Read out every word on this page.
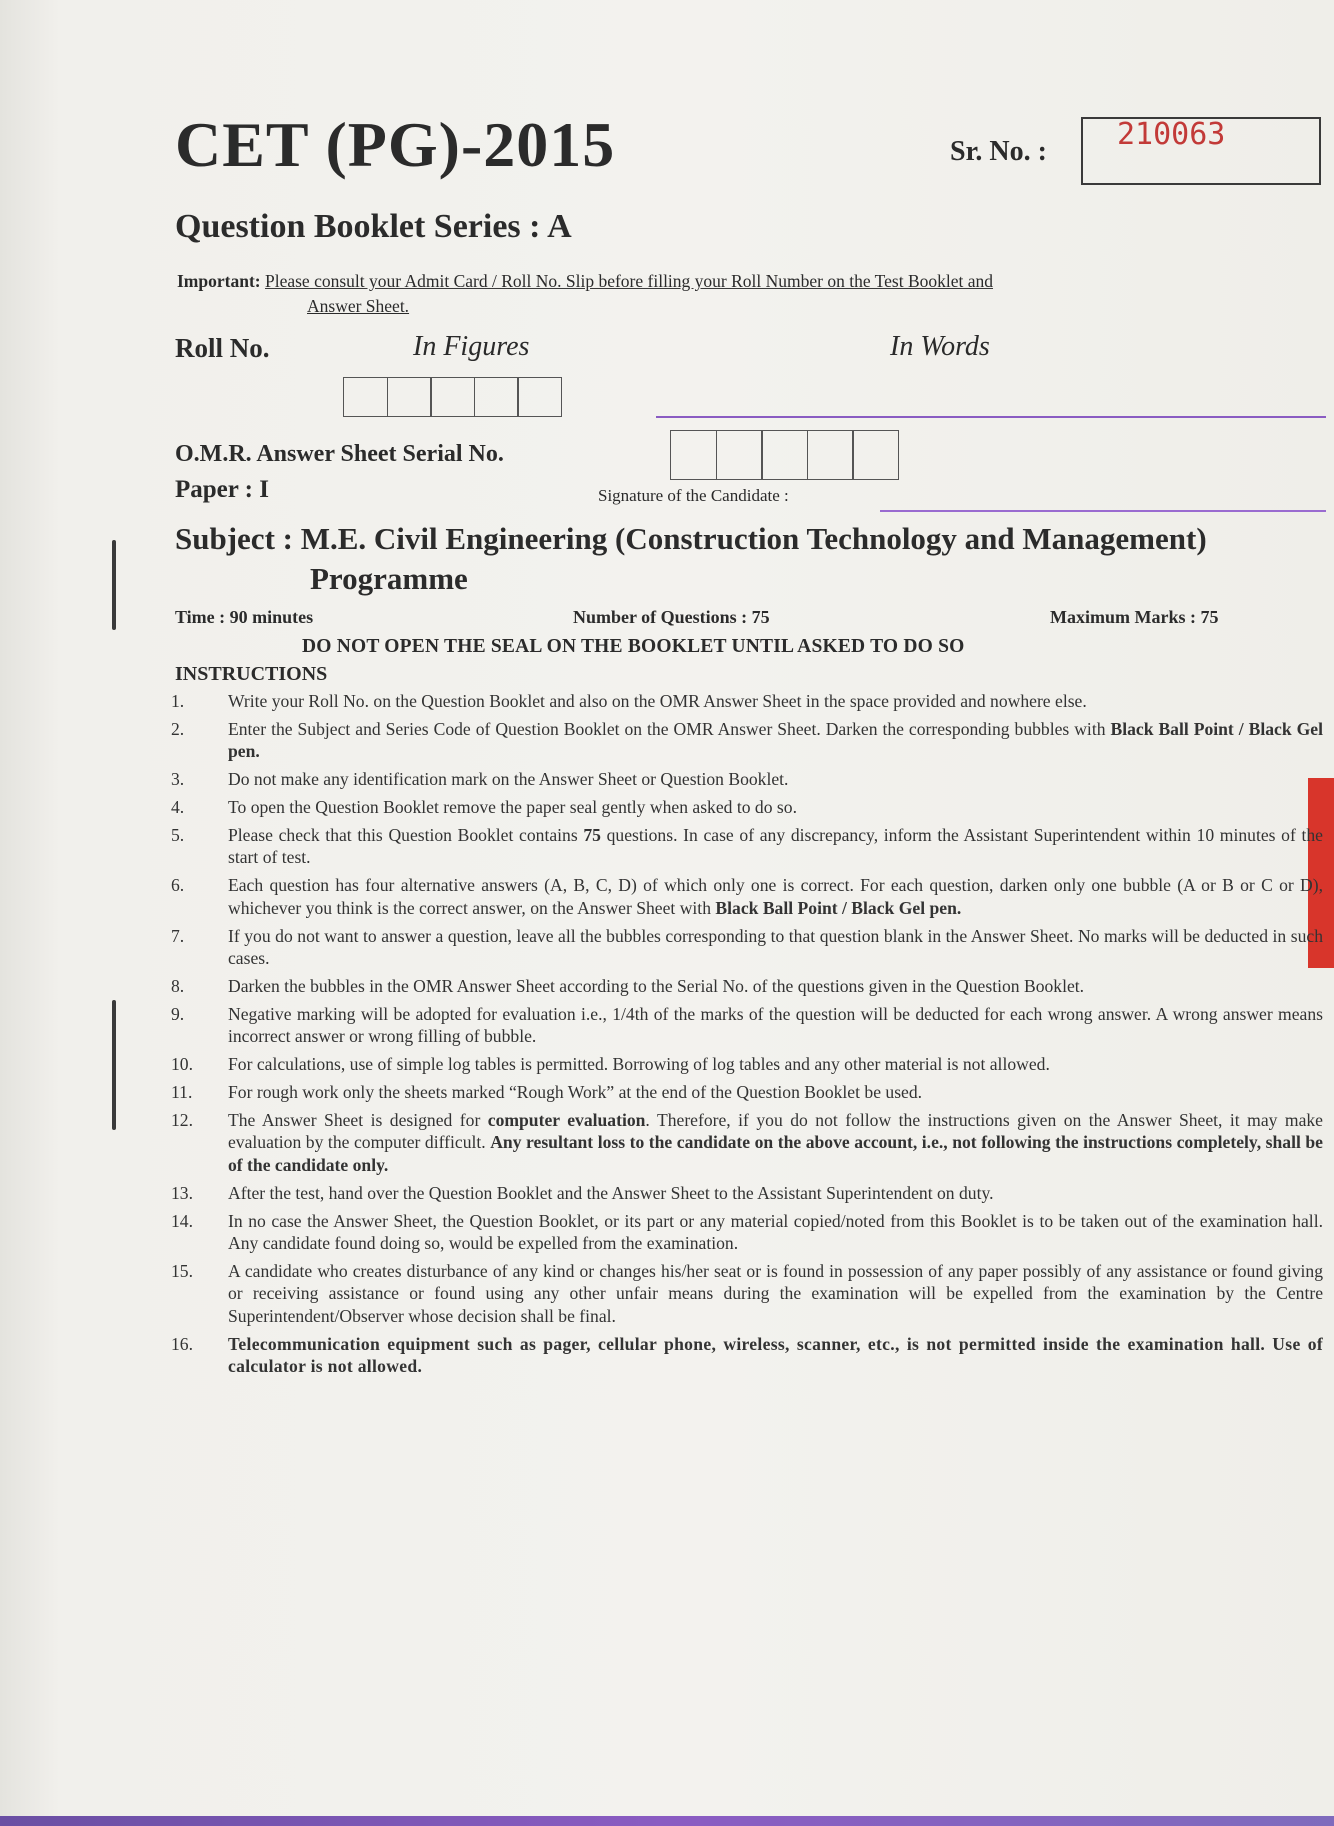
CET (PG)-2015	Sr. No. : 210063
Question Booklet Series : A
Important: Please consult your Admit Card / Roll No. Slip before filling your Roll Number on the Test Booklet and
Answer Sheet.
Roll No.	In Figures	In Words
O.M.R. Answer Sheet Serial No.
Paper : I	Signature of the Candidate :
Subject : M.E. Civil Engineering (Construction Technology and Management)
Programme
Time : 90 minutes	Number of Questions : 75	Maximum Marks : 75
DO NOT OPEN THE SEAL ON THE BOOKLET UNTIL ASKED TO DO SO
INSTRUCTIONS
1.	Write your Roll No. on the Question Booklet and also on the OMR Answer Sheet in the space provided and nowhere else.
2.	Enter the Subject and Series Code of Question Booklet on the OMR Answer Sheet. Darken the corresponding bubbles with Black Ball Point / Black Gel pen.
3.	Do not make any identification mark on the Answer Sheet or Question Booklet.
4.	To open the Question Booklet remove the paper seal gently when asked to do so.
5.	Please check that this Question Booklet contains 75 questions. In case of any discrepancy, inform the Assistant Superintendent within 10 minutes of the start of test.
6.	Each question has four alternative answers (A, B, C, D) of which only one is correct. For each question, darken only one bubble (A or B or C or D), whichever you think is the correct answer, on the Answer Sheet with Black Ball Point / Black Gel pen.
7.	If you do not want to answer a question, leave all the bubbles corresponding to that question blank in the Answer Sheet. No marks will be deducted in such cases.
8.	Darken the bubbles in the OMR Answer Sheet according to the Serial No. of the questions given in the Question Booklet.
9.	Negative marking will be adopted for evaluation i.e., 1/4th of the marks of the question will be deducted for each wrong answer. A wrong answer means incorrect answer or wrong filling of bubble.
10.	For calculations, use of simple log tables is permitted. Borrowing of log tables and any other material is not allowed.
11.	For rough work only the sheets marked “Rough Work” at the end of the Question Booklet be used.
12.	The Answer Sheet is designed for computer evaluation. Therefore, if you do not follow the instructions given on the Answer Sheet, it may make evaluation by the computer difficult. Any resultant loss to the candidate on the above account, i.e., not following the instructions completely, shall be of the candidate only.
13.	After the test, hand over the Question Booklet and the Answer Sheet to the Assistant Superintendent on duty.
14.	In no case the Answer Sheet, the Question Booklet, or its part or any material copied/noted from this Booklet is to be taken out of the examination hall. Any candidate found doing so, would be expelled from the examination.
15.	A candidate who creates disturbance of any kind or changes his/her seat or is found in possession of any paper possibly of any assistance or found giving or receiving assistance or found using any other unfair means during the examination will be expelled from the examination by the Centre Superintendent/Observer whose decision shall be final.
16.	Telecommunication equipment such as pager, cellular phone, wireless, scanner, etc., is not permitted inside the examination hall. Use of calculator is not allowed.
